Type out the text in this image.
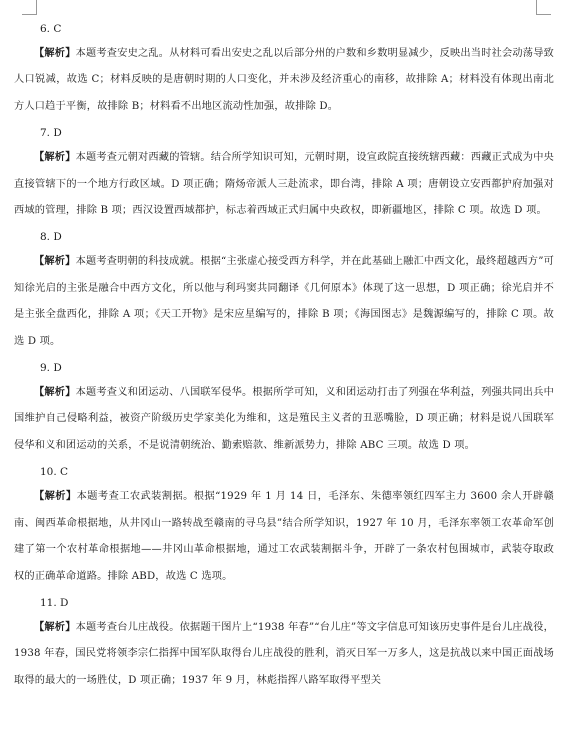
6. C

【解析】本题考查安史之乱。从材料可看出安史之乱以后部分州的户数和乡数明显减少，反映出当时社会动荡导致人口锐减，故选 C；材料反映的是唐朝时期的人口变化，并未涉及经济重心的南移，故排除 A；材料没有体现出南北方人口趋于平衡，故排除 B；材料看不出地区流动性加强，故排除 D。

7. D

【解析】本题考查元朝对西藏的管辖。结合所学知识可知，元朝时期，设宣政院直接统辖西藏：西藏正式成为中央直接管辖下的一个地方行政区域。D 项正确；隋炀帝派人三赴流求，即台湾，排除 A 项；唐朝设立安西都护府加强对西域的管理，排除 B 项；西汉设置西域都护，标志着西域正式归属中央政权，即新疆地区，排除 C 项。故选 D 项。

8. D

【解析】本题考查明朝的科技成就。根据“主张虚心接受西方科学，并在此基础上融汇中西文化，最终超越西方”可知徐光启的主张是融合中西方文化，所以他与利玛窦共同翻译《几何原本》体现了这一思想，D 项正确；徐光启并不是主张全盘西化，排除 A 项；《天工开物》是宋应星编写的，排除 B 项；《海国图志》是魏源编写的，排除 C 项。故选 D 项。

9. D

【解析】本题考查义和团运动、八国联军侵华。根据所学可知，义和团运动打击了列强在华利益，列强共同出兵中国维护自己侵略利益，被资产阶级历史学家美化为维和，这是殖民主义者的丑恶嘴脸，D 项正确；材料是说八国联军侵华和义和团运动的关系，不是说清朝统治、勤索赔款、维新派势力，排除 ABC 三项。故选 D 项。

10. C

【解析】本题考查工农武装割据。根据“1929 年 1 月 14 日，毛泽东、朱德率领红四军主力 3600 余人开辟赣南、闽西革命根据地，从井冈山一路转战至赣南的寻乌县”结合所学知识，1927 年 10 月，毛泽东率领工农革命军创建了第一个农村革命根据地——井冈山革命根据地，通过工农武装割据斗争，开辟了一条农村包围城市，武装夺取政权的正确革命道路。排除 ABD，故选 C 选项。

11. D

【解析】本题考查台儿庄战役。依据题干图片上“1938 年春”“台儿庄”等文字信息可知该历史事件是台儿庄战役，1938 年春，国民党将领李宗仁指挥中国军队取得台儿庄战役的胜利，消灭日军一万多人，这是抗战以来中国正面战场取得的最大的一场胜仗，D 项正确；1937 年 9 月，林彪指挥八路军取得平型关
